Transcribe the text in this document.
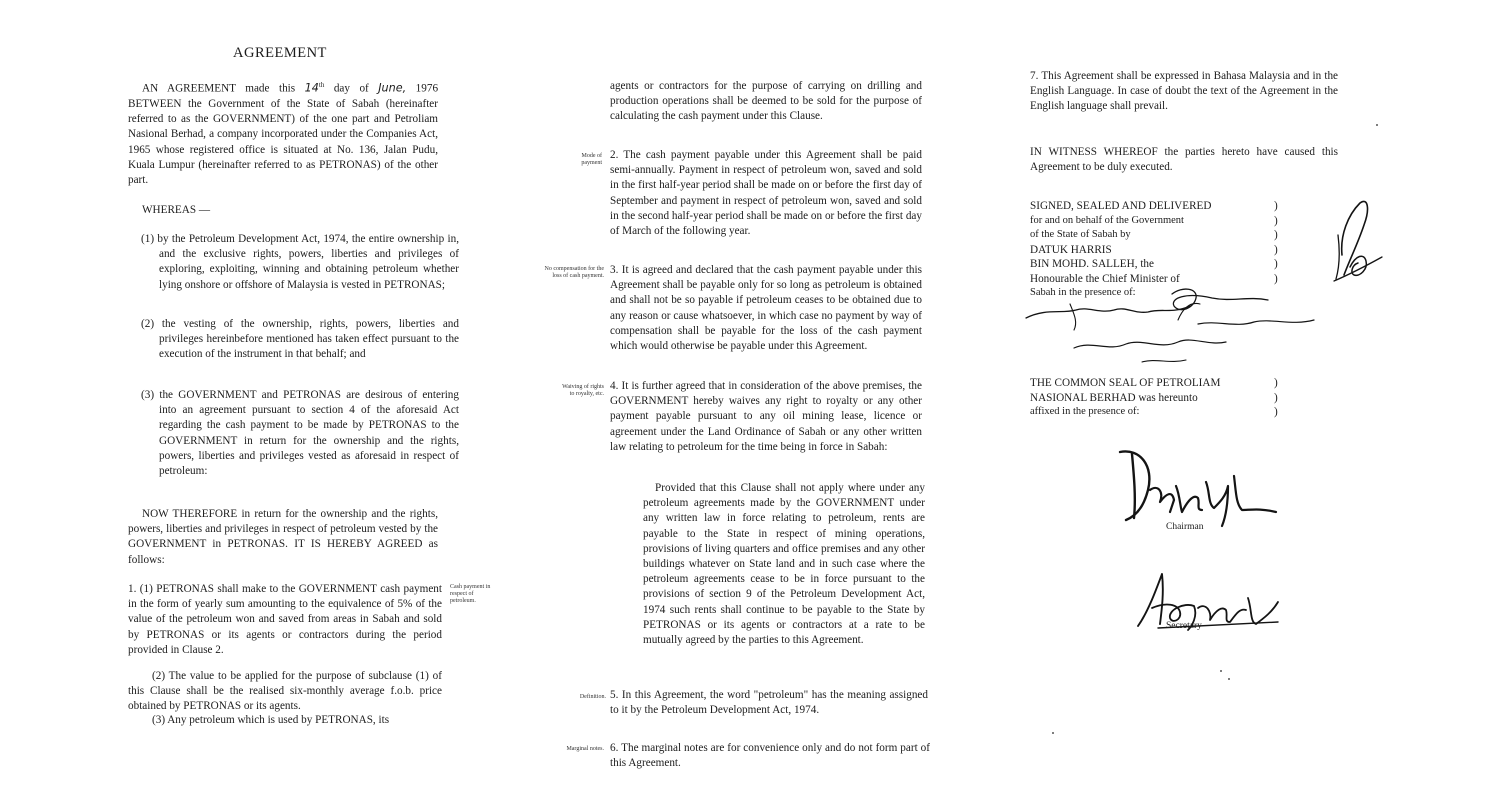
AGREEMENT

AN AGREEMENT made this 14th day of June, 1976 BETWEEN the Government of the State of Sabah (hereinafter referred to as the GOVERNMENT) of the one part and Petroliam Nasional Berhad, a company incorporated under the Companies Act, 1965 whose registered office is situated at No. 136, Jalan Pudu, Kuala Lumpur (hereinafter referred to as PETRONAS) of the other part.

WHEREAS —

(1) by the Petroleum Development Act, 1974, the entire ownership in, and the exclusive rights, powers, liberties and privileges of exploring, exploiting, winning and obtaining petroleum whether lying onshore or offshore of Malaysia is vested in PETRONAS;

(2) the vesting of the ownership, rights, powers, liberties and privileges hereinbefore mentioned has taken effect pursuant to the execution of the instrument in that behalf; and

(3) the GOVERNMENT and PETRONAS are desirous of entering into an agreement pursuant to section 4 of the aforesaid Act regarding the cash payment to be made by PETRONAS to the GOVERNMENT in return for the ownership and the rights, powers, liberties and privileges vested as aforesaid in respect of petroleum:

NOW THEREFORE in return for the ownership and the rights, powers, liberties and privileges in respect of petroleum vested by the GOVERNMENT in PETRONAS. IT IS HEREBY AGREED as follows:

1. (1) PETRONAS shall make to the GOVERNMENT cash payment in the form of yearly sum amounting to the equivalence of 5% of the value of the petroleum won and saved from areas in Sabah and sold by PETRONAS or its agents or contractors during the period provided in Clause 2.

(2) The value to be applied for the purpose of subclause (1) of this Clause shall be the realised six-monthly average f.o.b. price obtained by PETRONAS or its agents.

(3) Any petroleum which is used by PETRONAS, its

Cash payment in respect of petroleum.

agents or contractors for the purpose of carrying on drilling and production operations shall be deemed to be sold for the purpose of calculating the cash payment under this Clause.

Mode of payment

2. The cash payment payable under this Agreement shall be paid semi-annually. Payment in respect of petroleum won, saved and sold in the first half-year period shall be made on or before the first day of September and payment in respect of petroleum won, saved and sold in the second half-year period shall be made on or before the first day of March of the following year.

No compensation for the loss of cash payment. 3. It is agreed and declared that the cash payment payable under this Agreement shall be payable only for so long as petroleum is obtained and shall not be so payable if petroleum ceases to be obtained due to any reason or cause whatsoever, in which case no payment by way of compensation shall be payable for the loss of the cash payment which would otherwise be payable under this Agreement.

Waiving of rights to royalty, etc.

4. It is further agreed that in consideration of the above premises, the GOVERNMENT hereby waives any right to royalty or any other payment payable pursuant to any oil mining lease, licence or agreement under the Land Ordinance of Sabah or any other written law relating to petroleum for the time being in force in Sabah:

Provided that this Clause shall not apply where under any petroleum agreements made by the GOVERNMENT under any written law in force relating to petroleum, rents are payable to the State in respect of mining operations, provisions of living quarters and office premises and any other buildings whatever on State land and in such case where the petroleum agreements cease to be in force pursuant to the provisions of section 9 of the Petroleum Development Act, 1974 such rents shall continue to be payable to the State by PETRONAS or its agents or contractors at a rate to be mutually agreed by the parties to this Agreement.

Definition. 5. In this Agreement, the word "petroleum" has the meaning assigned to it by the Petroleum Development Act, 1974.

Marginal notes. 6. The marginal notes are for convenience only and do not form part of this Agreement.

7. This Agreement shall be expressed in Bahasa Malaysia and in the English Language. In case of doubt the text of the Agreement in the English language shall prevail.

IN WITNESS WHEREOF the parties hereto have caused this Agreement to be duly executed.

SIGNED, SEALED AND DELIVERED
for and on behalf of the Government
of the State of Sabah by
DATUK HARRIS
BIN MOHD. SALLEH, the
Honourable the Chief Minister of
Sabah in the presence of:
)
)
)
)
)
)
THE COMMON SEAL OF PETROLIAM
NASIONAL BERHAD was hereunto
affixed in the presence of:
)
)
)
Chairman
Secretary
